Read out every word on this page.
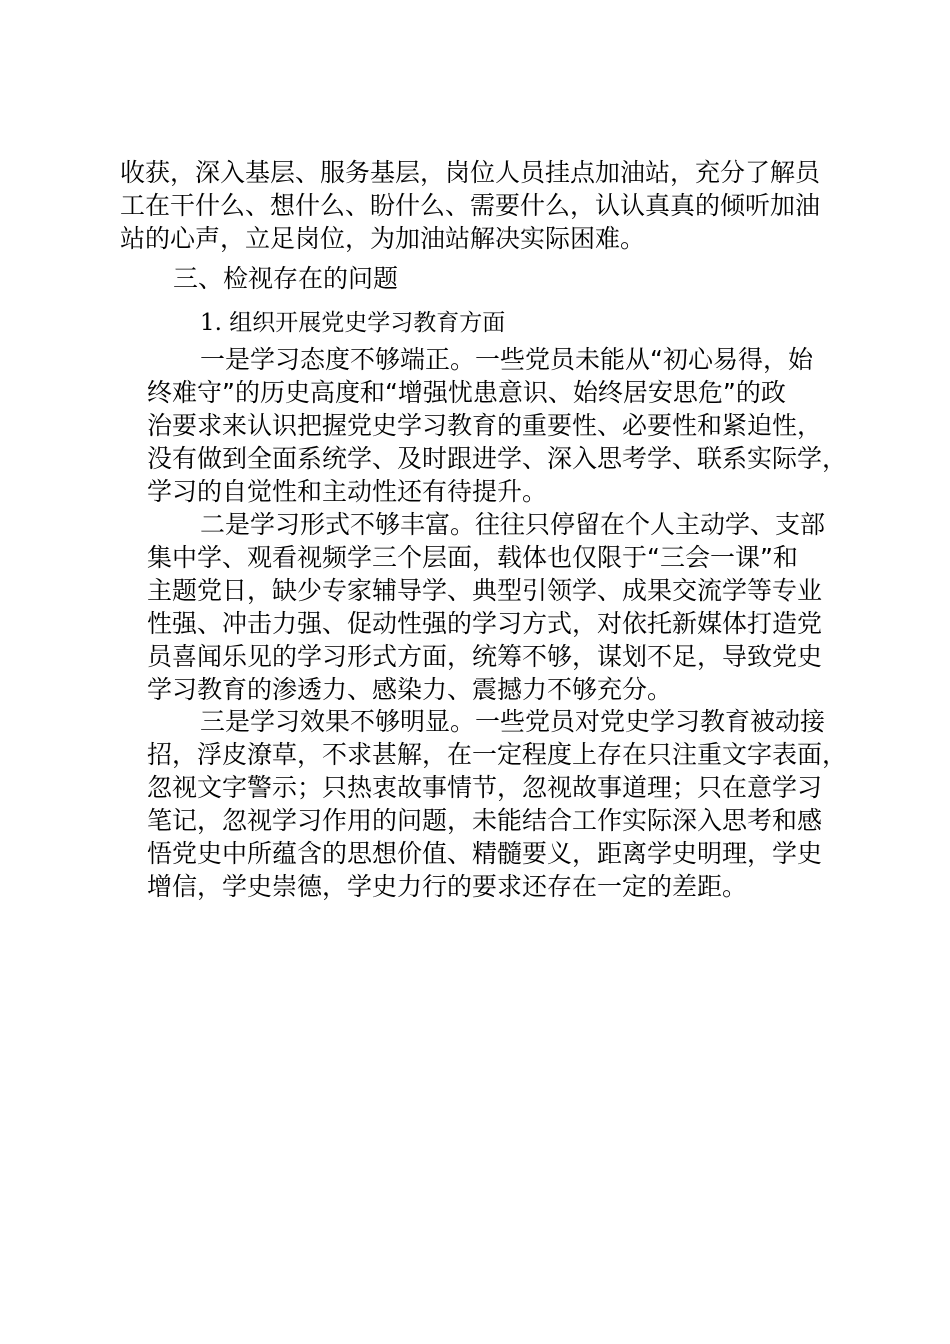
收获，深入基层、服务基层，岗位人员挂点加油站，充分了解员
工在干什么、想什么、盼什么、需要什么，认认真真的倾听加油
站的心声，立足岗位，为加油站解决实际困难。
三、检视存在的问题
1. 组织开展党史学习教育方面
一是学习态度不够端正。一些党员未能从“初心易得，始
终难守”的历史高度和“增强忧患意识、始终居安思危”的政
治要求来认识把握党史学习教育的重要性、必要性和紧迫性，
没有做到全面系统学、及时跟进学、深入思考学、联系实际学，
学习的自觉性和主动性还有待提升。
二是学习形式不够丰富。往往只停留在个人主动学、支部
集中学、观看视频学三个层面，载体也仅限于“三会一课”和
主题党日，缺少专家辅导学、典型引领学、成果交流学等专业
性强、冲击力强、促动性强的学习方式，对依托新媒体打造党
员喜闻乐见的学习形式方面，统筹不够，谋划不足，导致党史
学习教育的渗透力、感染力、震撼力不够充分。
三是学习效果不够明显。一些党员对党史学习教育被动接
招，浮皮潦草，不求甚解，在一定程度上存在只注重文字表面，
忽视文字警示；只热衷故事情节，忽视故事道理；只在意学习
笔记，忽视学习作用的问题，未能结合工作实际深入思考和感
悟党史中所蕴含的思想价值、精髓要义，距离学史明理，学史
增信，学史崇德，学史力行的要求还存在一定的差距。
